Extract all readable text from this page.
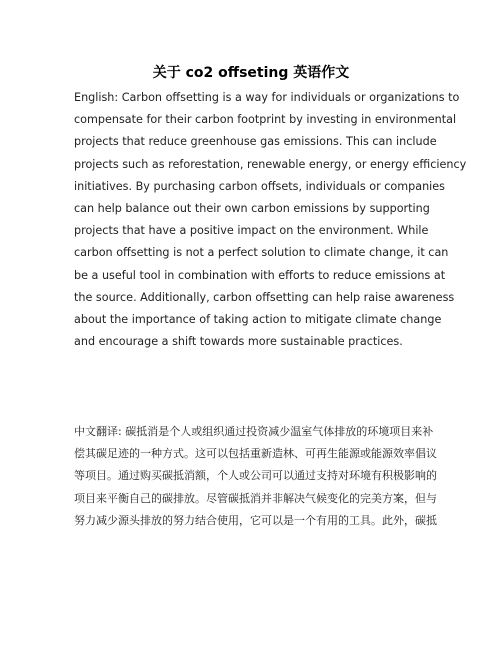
关于 co2 offseting 英语作文

English: Carbon offsetting is a way for individuals or organizations to
compensate for their carbon footprint by investing in environmental
projects that reduce greenhouse gas emissions. This can include
projects such as reforestation, renewable energy, or energy efficiency
initiatives. By purchasing carbon offsets, individuals or companies
can help balance out their own carbon emissions by supporting
projects that have a positive impact on the environment. While
carbon offsetting is not a perfect solution to climate change, it can
be a useful tool in combination with efforts to reduce emissions at
the source. Additionally, carbon offsetting can help raise awareness
about the importance of taking action to mitigate climate change
and encourage a shift towards more sustainable practices.

中文翻译: 碳抵消是个人或组织通过投资减少温室气体排放的环境项目来补
偿其碳足迹的一种方式。这可以包括重新造林、可再生能源或能源效率倡议
等项目。通过购买碳抵消额，个人或公司可以通过支持对环境有积极影响的
项目来平衡自己的碳排放。尽管碳抵消并非解决气候变化的完美方案，但与
努力减少源头排放的努力结合使用，它可以是一个有用的工具。此外，碳抵
